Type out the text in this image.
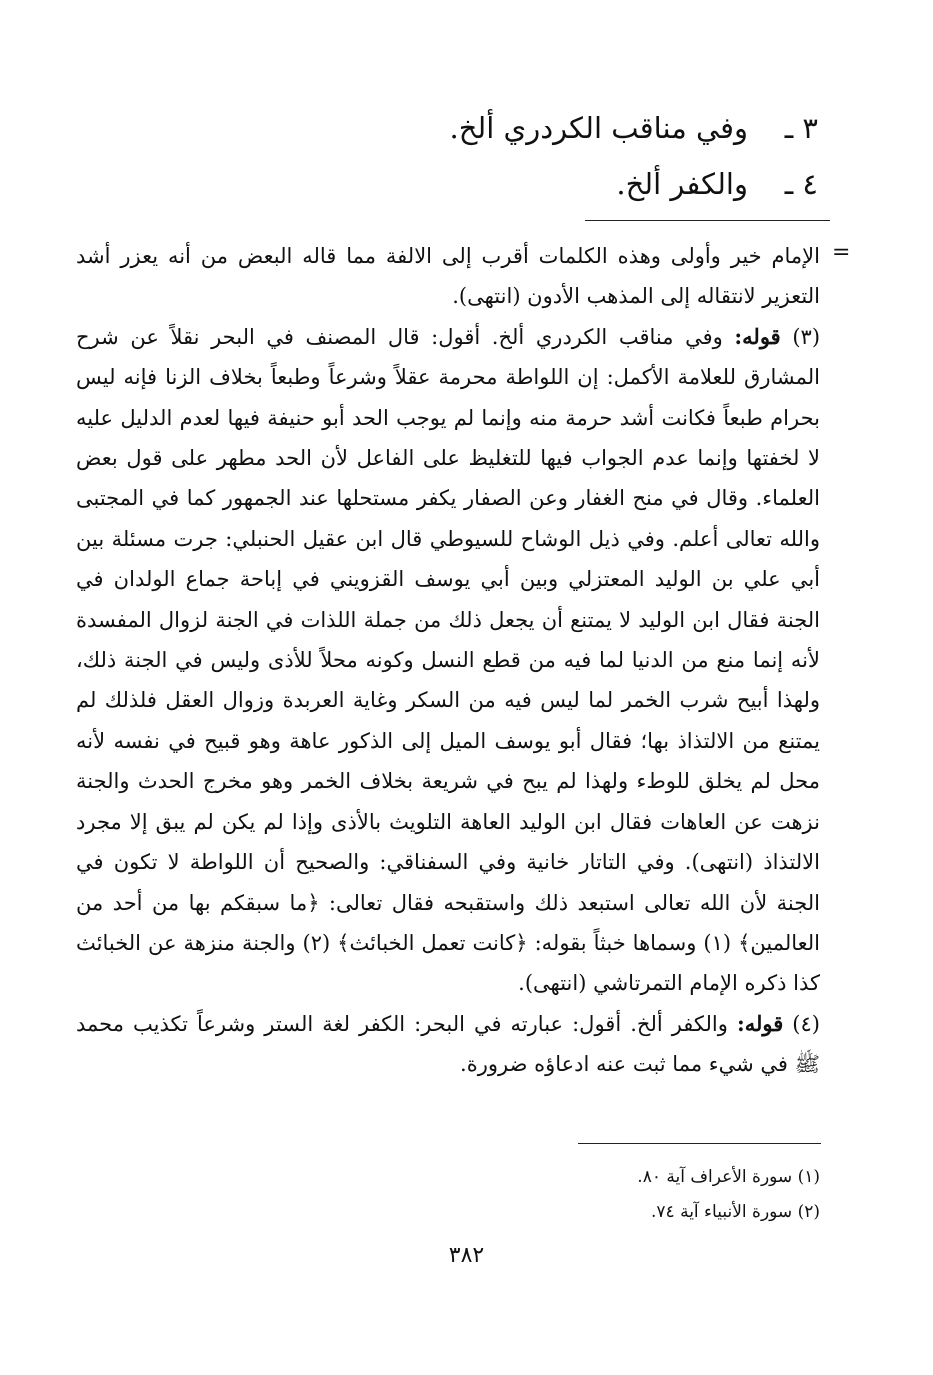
٣ ـوفي مناقب الكردري ألخ.
٤ ـوالكفر ألخ.
=

الإمام خير وأولى وهذه الكلمات أقرب إلى الالفة مما قاله البعض من أنه يعزر أشد التعزير لانتقاله إلى المذهب الأدون (انتهى).

(٣) قوله: وفي مناقب الكردري ألخ. أقول: قال المصنف في البحر نقلاً عن شرح المشارق للعلامة الأكمل: إن اللواطة محرمة عقلاً وشرعاً وطبعاً بخلاف الزنا فإنه ليس بحرام طبعاً فكانت أشد حرمة منه وإنما لم يوجب الحد أبو حنيفة فيها لعدم الدليل عليه لا لخفتها وإنما عدم الجواب فيها للتغليظ على الفاعل لأن الحد مطهر على قول بعض العلماء. وقال في منح الغفار وعن الصفار يكفر مستحلها عند الجمهور كما في المجتبى والله تعالى أعلم. وفي ذيل الوشاح للسيوطي قال ابن عقيل الحنبلي: جرت مسئلة بين أبي علي بن الوليد المعتزلي وبين أبي يوسف القزويني في إباحة جماع الولدان في الجنة فقال ابن الوليد لا يمتنع أن يجعل ذلك من جملة اللذات في الجنة لزوال المفسدة لأنه إنما منع من الدنيا لما فيه من قطع النسل وكونه محلاً للأذى وليس في الجنة ذلك، ولهذا أبيح شرب الخمر لما ليس فيه من السكر وغاية العربدة وزوال العقل فلذلك لم يمتنع من الالتذاذ بها؛ فقال أبو يوسف الميل إلى الذكور عاهة وهو قبيح في نفسه لأنه محل لم يخلق للوطء ولهذا لم يبح في شريعة بخلاف الخمر وهو مخرج الحدث والجنة نزهت عن العاهات فقال ابن الوليد العاهة التلويث بالأذى وإذا لم يكن لم يبق إلا مجرد الالتذاذ (انتهى). وفي التاتار خانية وفي السفناقي: والصحيح أن اللواطة لا تكون في الجنة لأن الله تعالى استبعد ذلك واستقبحه فقال تعالى: ﴿ما سبقكم بها من أحد من العالمين﴾ (١) وسماها خبثاً بقوله: ﴿كانت تعمل الخبائث﴾ (٢) والجنة منزهة عن الخبائث كذا ذكره الإمام التمرتاشي (انتهى).

(٤) قوله: والكفر ألخ. أقول: عبارته في البحر: الكفر لغة الستر وشرعاً تكذيب محمد ﷺ في شيء مما ثبت عنه ادعاؤه ضرورة.

(١) سورة الأعراف آية ٨٠.
(٢) سورة الأنبياء آية ٧٤.
٣٨٢
